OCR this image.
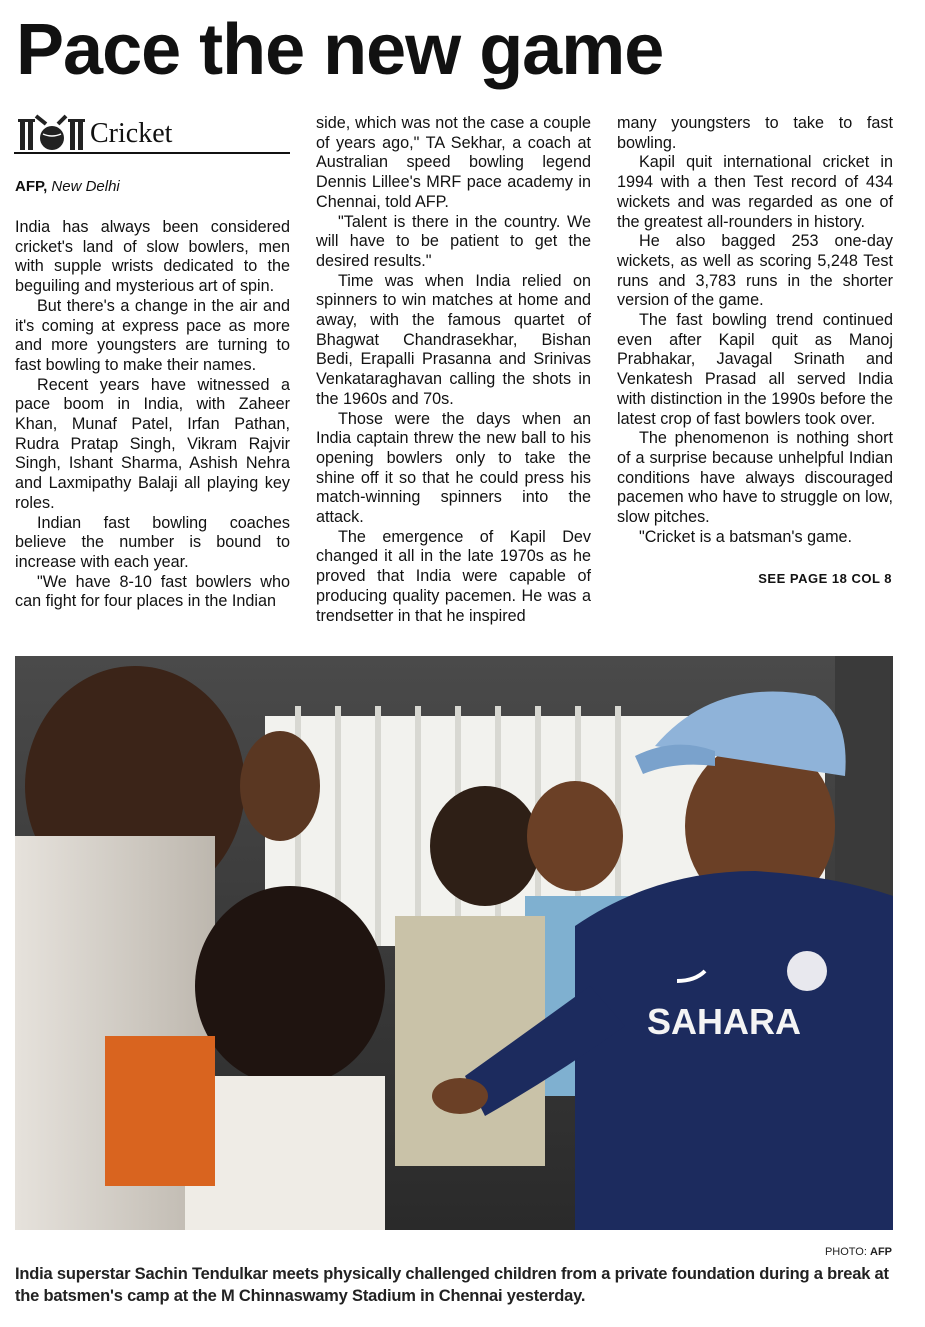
Pace the new game
Cricket
AFP, New Delhi

India has always been considered cricket's land of slow bowlers, men with supple wrists dedicated to the beguiling and mysterious art of spin.

But there's a change in the air and it's coming at express pace as more and more youngsters are turning to fast bowling to make their names.

Recent years have witnessed a pace boom in India, with Zaheer Khan, Munaf Patel, Irfan Pathan, Rudra Pratap Singh, Vikram Rajvir Singh, Ishant Sharma, Ashish Nehra and Laxmipathy Balaji all playing key roles.

Indian fast bowling coaches believe the number is bound to increase with each year.

"We have 8-10 fast bowlers who can fight for four places in the Indian

side, which was not the case a couple of years ago," TA Sekhar, a coach at Australian speed bowling legend Dennis Lillee's MRF pace academy in Chennai, told AFP.

"Talent is there in the country. We will have to be patient to get the desired results."

Time was when India relied on spinners to win matches at home and away, with the famous quartet of Bhagwat Chandrasekhar, Bishan Bedi, Erapalli Prasanna and Srinivas Venkataraghavan calling the shots in the 1960s and 70s.

Those were the days when an India captain threw the new ball to his opening bowlers only to take the shine off it so that he could press his match-winning spinners into the attack.

The emergence of Kapil Dev changed it all in the late 1970s as he proved that India were capable of producing quality pacemen. He was a trendsetter in that he inspired

many youngsters to take to fast bowling.

Kapil quit international cricket in 1994 with a then Test record of 434 wickets and was regarded as one of the greatest all-rounders in history.

He also bagged 253 one-day wickets, as well as scoring 5,248 Test runs and 3,783 runs in the shorter version of the game.

The fast bowling trend continued even after Kapil quit as Manoj Prabhakar, Javagal Srinath and Venkatesh Prasad all served India with distinction in the 1990s before the latest crop of fast bowlers took over.

The phenomenon is nothing short of a surprise because unhelpful Indian conditions have always discouraged pacemen who have to struggle on low, slow pitches.

"Cricket is a batsman's game.

SEE PAGE 18 COL 8
SAHARA
PHOTO: AFP

India superstar Sachin Tendulkar meets physically challenged children from a private foundation during a break at the batsmen's camp at the M Chinnaswamy Stadium in Chennai yesterday.
